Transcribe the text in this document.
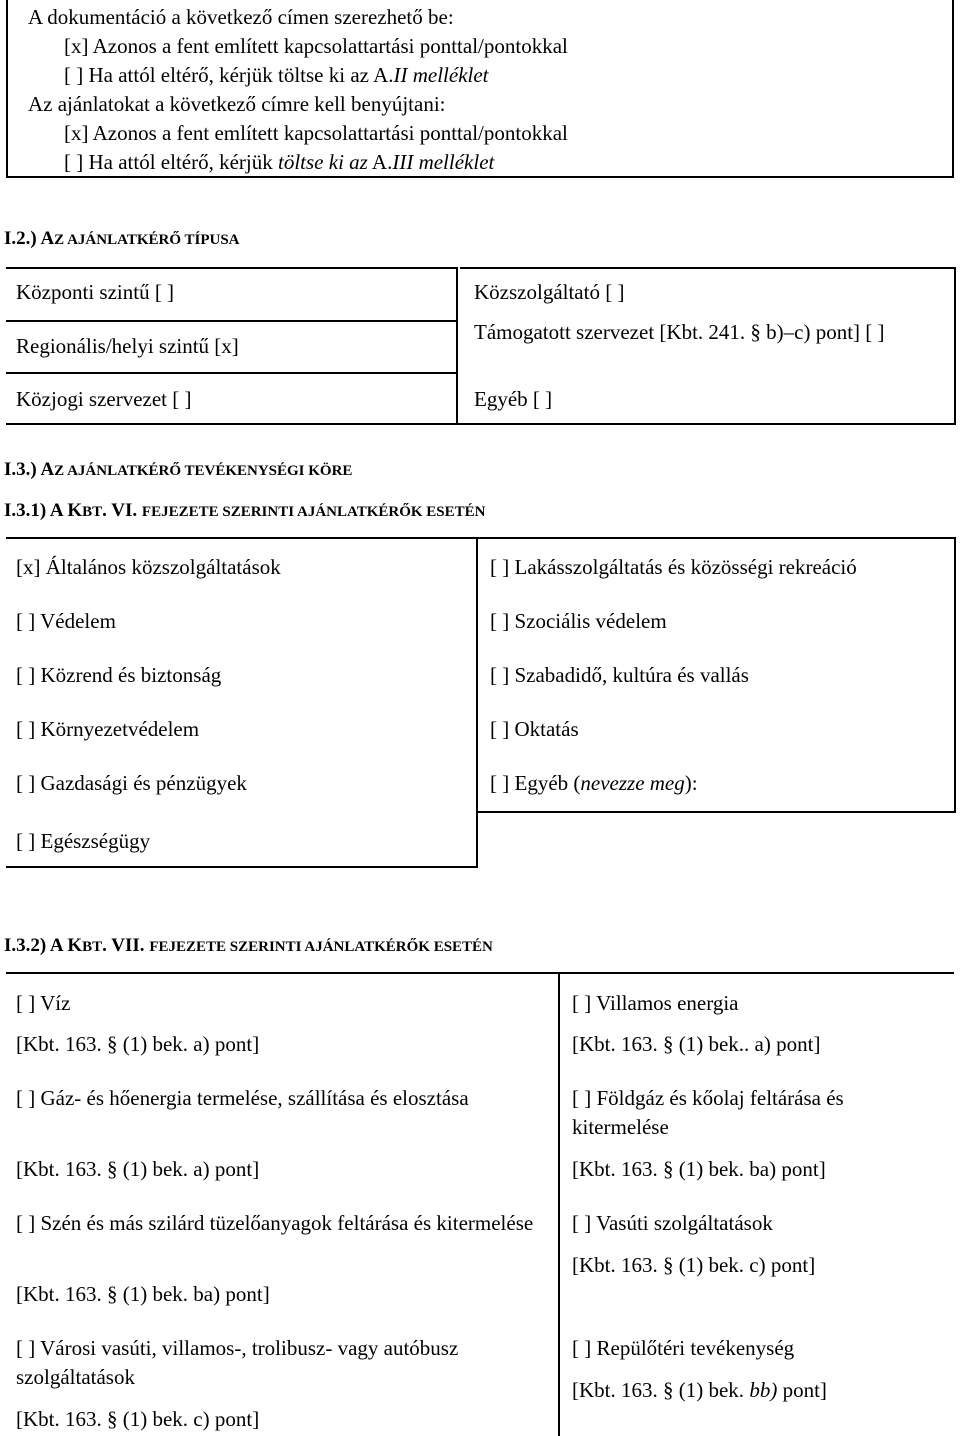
A dokumentáció a következő címen szerezhető be:
[x] Azonos a fent említett kapcsolattartási ponttal/pontokkal
[ ] Ha attól eltérő, kérjük töltse ki az A.II melléklet
Az ajánlatokat a következő címre kell benyújtani:
[x] Azonos a fent említett kapcsolattartási ponttal/pontokkal
[ ] Ha attól eltérő, kérjük töltse ki az A.III melléklet
I.2.) AZ AJÁNLATKÉRŐ TÍPUSA
Központi szintű [ ]
Regionális/helyi szintű [x]
Közjogi szervezet [ ]
Közszolgáltató [ ]
Támogatott szervezet [Kbt. 241. § b)–c) pont] [ ]
Egyéb [ ]
I.3.) AZ AJÁNLATKÉRŐ TEVÉKENYSÉGI KÖRE
I.3.1) A KBT. VI. FEJEZETE SZERINTI AJÁNLATKÉRŐK ESETÉN
[x] Általános közszolgáltatások
[ ] Védelem
[ ] Közrend és biztonság
[ ] Környezetvédelem
[ ] Gazdasági és pénzügyek
[ ] Egészségügy
[ ] Lakásszolgáltatás és közösségi rekreáció
[ ] Szociális védelem
[ ] Szabadidő, kultúra és vallás
[ ] Oktatás
[ ] Egyéb (nevezze meg):
I.3.2) A KBT. VII. FEJEZETE SZERINTI AJÁNLATKÉRŐK ESETÉN
[ ] Víz
[Kbt. 163. § (1) bek. a) pont]
[ ] Gáz- és hőenergia termelése, szállítása és elosztása
[Kbt. 163. § (1) bek. a) pont]
[ ] Szén és más szilárd tüzelőanyagok feltárása és kitermelése
[Kbt. 163. § (1) bek. ba) pont]
[ ] Városi vasúti, villamos-, trolibusz- vagy autóbusz szolgáltatások
[Kbt. 163. § (1) bek. c) pont]
[ ] Villamos energia
[Kbt. 163. § (1) bek.. a) pont]
[ ] Földgáz és kőolaj feltárása és kitermelése
[Kbt. 163. § (1) bek. ba) pont]
[ ] Vasúti szolgáltatások
[Kbt. 163. § (1) bek. c) pont]
[ ] Repülőtéri tevékenység
[Kbt. 163. § (1) bek. bb) pont]
